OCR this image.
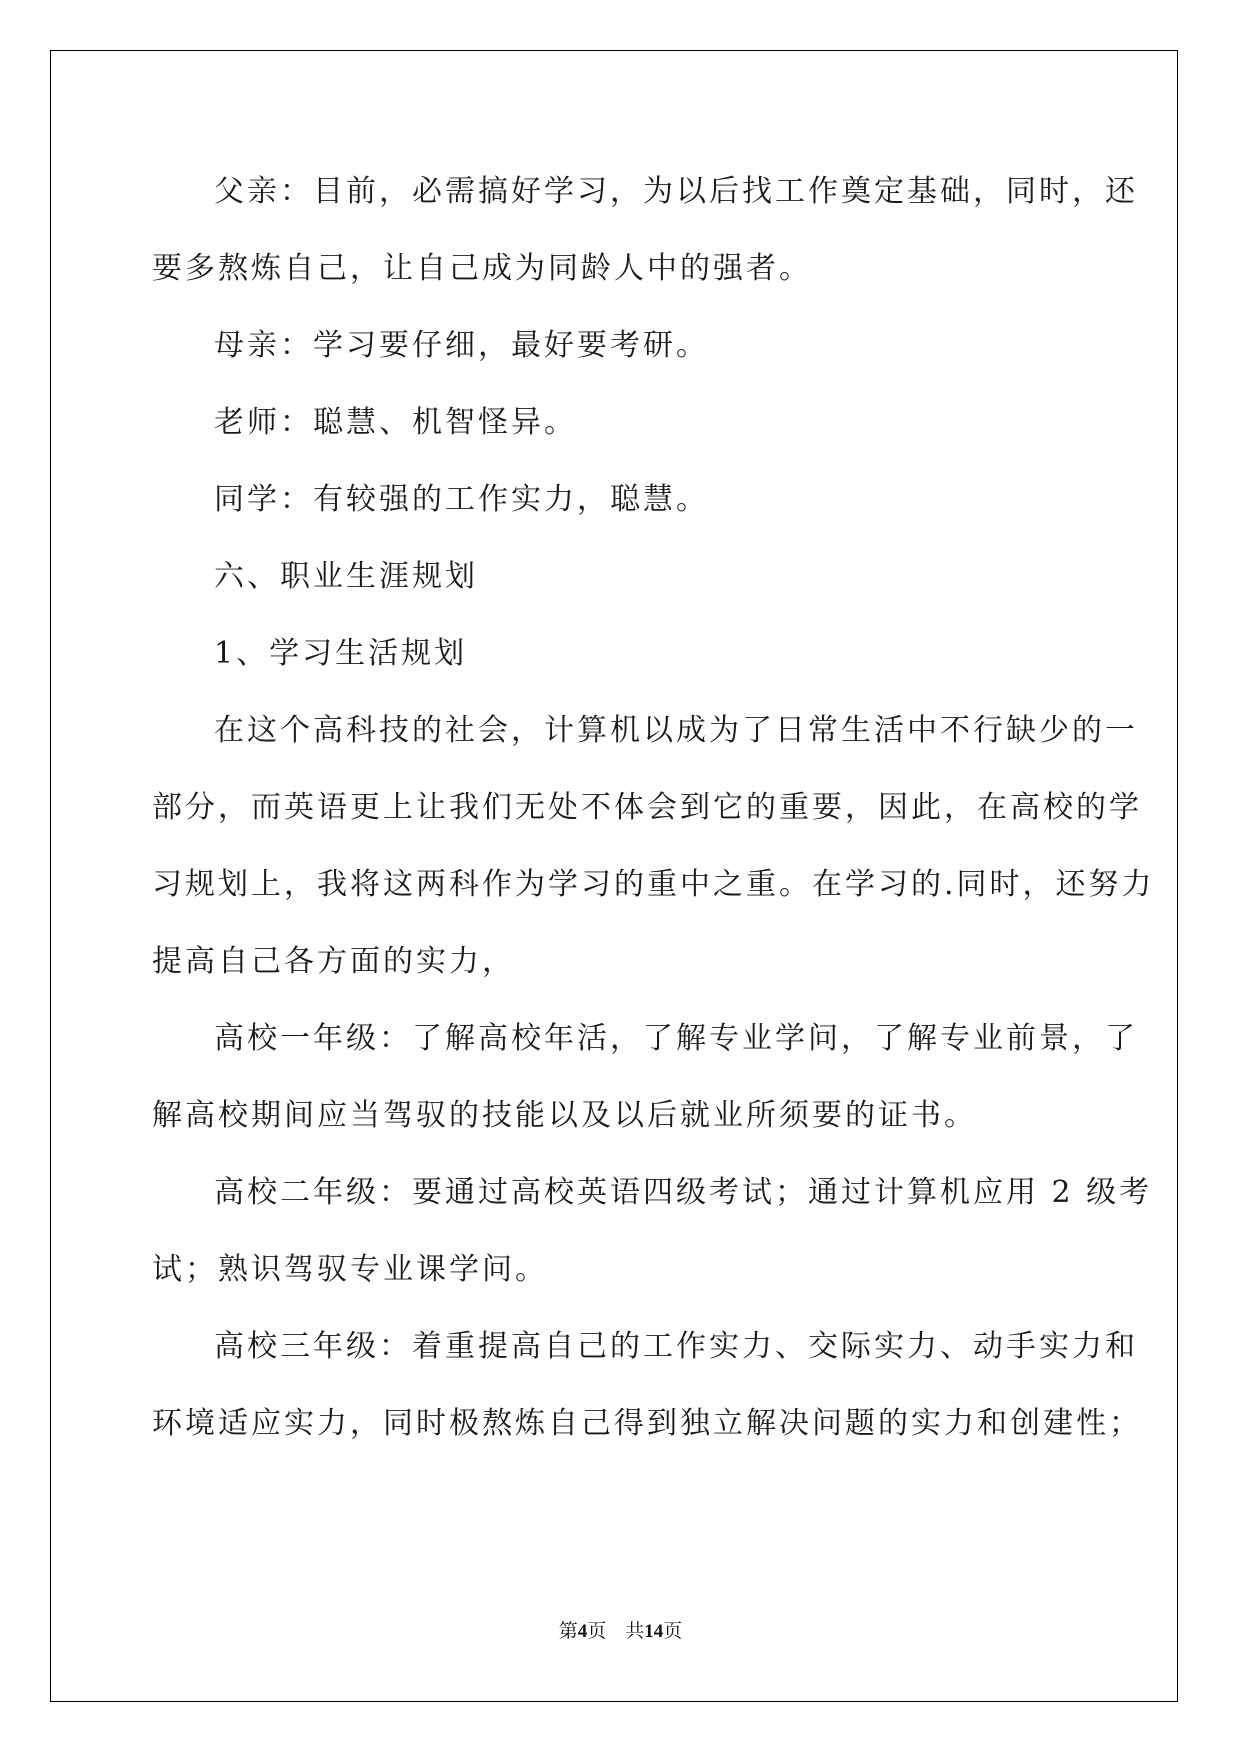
父亲：目前，必需搞好学习，为以后找工作奠定基础，同时，还

要多熬炼自己，让自己成为同龄人中的强者。

母亲：学习要仔细，最好要考研。

老师：聪慧、机智怪异。

同学：有较强的工作实力，聪慧。

六、职业生涯规划

1、学习生活规划

在这个高科技的社会，计算机以成为了日常生活中不行缺少的一

部分，而英语更上让我们无处不体会到它的重要，因此，在高校的学

习规划上，我将这两科作为学习的重中之重。在学习的.同时，还努力

提高自己各方面的实力，

高校一年级：了解高校年活，了解专业学问，了解专业前景，了

解高校期间应当驾驭的技能以及以后就业所须要的证书。

高校二年级：要通过高校英语四级考试；通过计算机应用 2 级考

试；熟识驾驭专业课学问。

高校三年级：着重提高自己的工作实力、交际实力、动手实力和

环境适应实力，同时极熬炼自己得到独立解决问题的实力和创建性；

第4页 共14页
